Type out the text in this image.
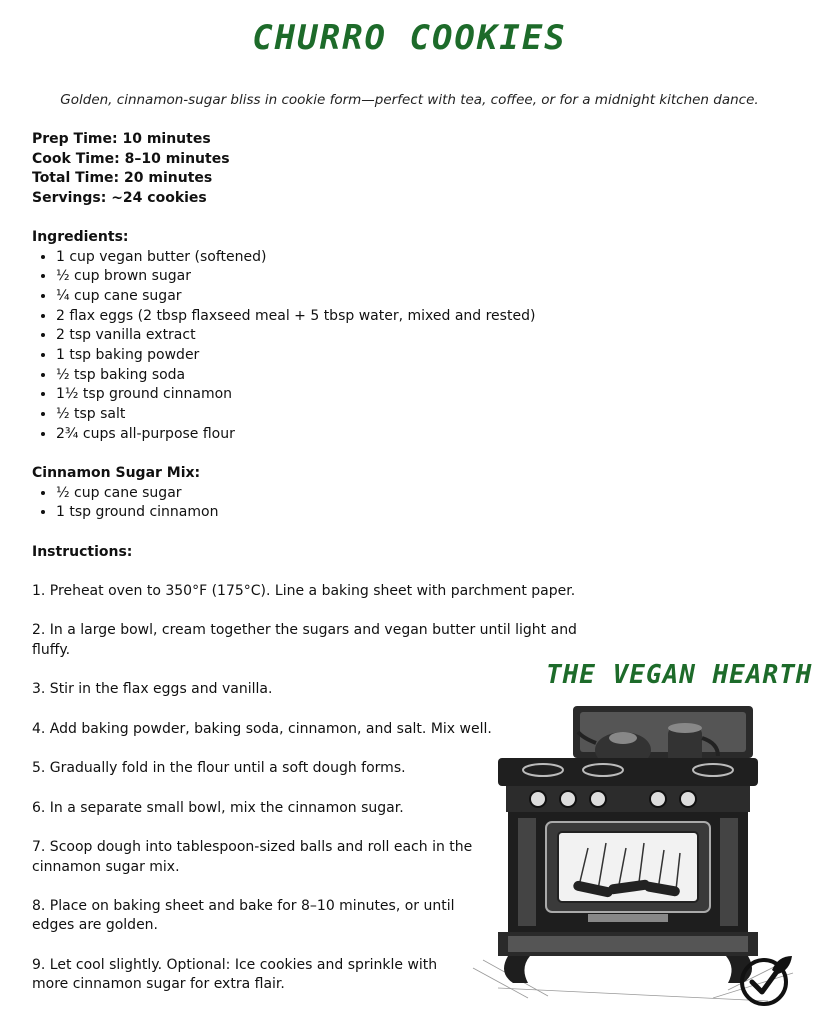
CHURRO COOKIES

Golden, cinnamon-sugar bliss in cookie form—perfect with tea, coffee, or for a midnight kitchen dance.

Prep Time: 10 minutes

Cook Time: 8–10 minutes

Total Time: 20 minutes

Servings: ~24 cookies

Ingredients:

• 1 cup vegan butter (softened)
• ½ cup brown sugar
• ¼ cup cane sugar
• 2 flax eggs (2 tbsp flaxseed meal + 5 tbsp water, mixed and rested)
• 2 tsp vanilla extract
• 1 tsp baking powder
• ½ tsp baking soda
• 1½ tsp ground cinnamon
• ½ tsp salt
• 2¾ cups all-purpose flour

Cinnamon Sugar Mix:

• ½ cup cane sugar
• 1 tsp ground cinnamon

Instructions:

1. Preheat oven to 350°F (175°C). Line a baking sheet with parchment paper.
2. In a large bowl, cream together the sugars and vegan butter until light and fluffy.
3. Stir in the flax eggs and vanilla.
4. Add baking powder, baking soda, cinnamon, and salt. Mix well.
5. Gradually fold in the flour until a soft dough forms.
6. In a separate small bowl, mix the cinnamon sugar.
7. Scoop dough into tablespoon-sized balls and roll each in the
cinnamon sugar mix.
8. Place on baking sheet and bake for 8–10 minutes, or until
edges are golden.
9. Let cool slightly. Optional: Ice cookies and sprinkle with
more cinnamon sugar for extra flair.

THE VEGAN HEARTH
